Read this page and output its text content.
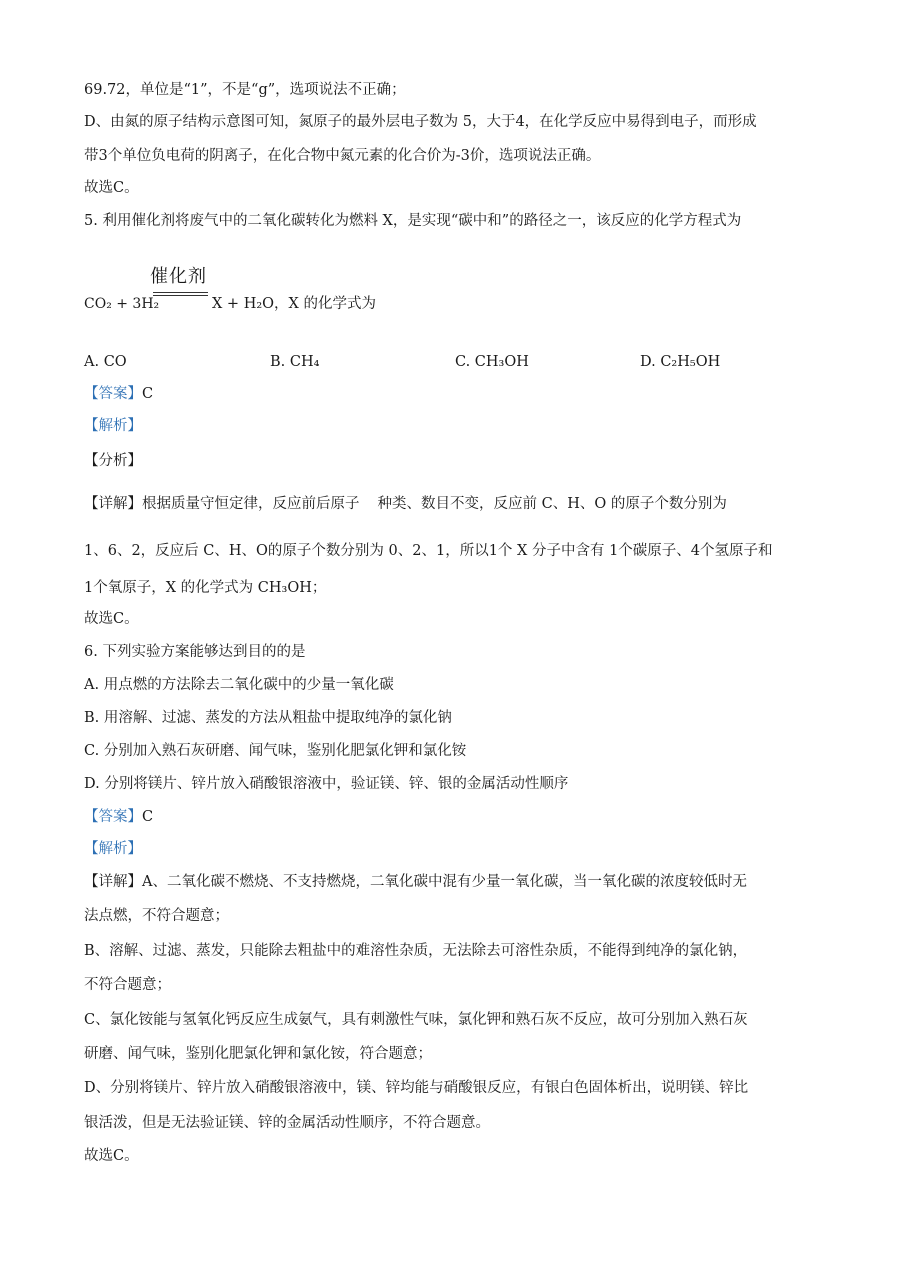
69.72，单位是“1”，不是“g”，选项说法不正确；
D、由氮的原子结构示意图可知，氮原子的最外层电子数为 5，大于4，在化学反应中易得到电子，而形成
带3个单位负电荷的阴离子，在化合物中氮元素的化合价为-3价，选项说法正确。
故选C。
5. 利用催化剂将废气中的二氧化碳转化为燃料 X，是实现“碳中和”的路径之一，该反应的化学方程式为
催化剂
CO₂ + 3H₂	X + H₂O，X 的化学式为
A. CO	B. CH₄	C. CH₃OH	D. C₂H₅OH
【答案】C
【解析】
【分析】
【详解】根据质量守恒定律，反应前后原子 种类、数目不变，反应前 C、H、O 的原子个数分别为
1、6、2，反应后 C、H、O的原子个数分别为 0、2、1，所以1个 X 分子中含有 1个碳原子、4个氢原子和
1个氧原子，X 的化学式为 CH₃OH；
故选C。
6. 下列实验方案能够达到目的的是
A. 用点燃的方法除去二氧化碳中的少量一氧化碳
B. 用溶解、过滤、蒸发的方法从粗盐中提取纯净的氯化钠
C. 分别加入熟石灰研磨、闻气味，鉴别化肥氯化钾和氯化铵
D. 分别将镁片、锌片放入硝酸银溶液中，验证镁、锌、银的金属活动性顺序
【答案】C
【解析】
【详解】A、二氧化碳不燃烧、不支持燃烧，二氧化碳中混有少量一氧化碳，当一氧化碳的浓度较低时无
法点燃，不符合题意；
B、溶解、过滤、蒸发，只能除去粗盐中的难溶性杂质，无法除去可溶性杂质，不能得到纯净的氯化钠，
不符合题意；
C、氯化铵能与氢氧化钙反应生成氨气，具有刺激性气味，氯化钾和熟石灰不反应，故可分别加入熟石灰
研磨、闻气味，鉴别化肥氯化钾和氯化铵，符合题意；
D、分别将镁片、锌片放入硝酸银溶液中，镁、锌均能与硝酸银反应，有银白色固体析出，说明镁、锌比
银活泼，但是无法验证镁、锌的金属活动性顺序，不符合题意。
故选C。
